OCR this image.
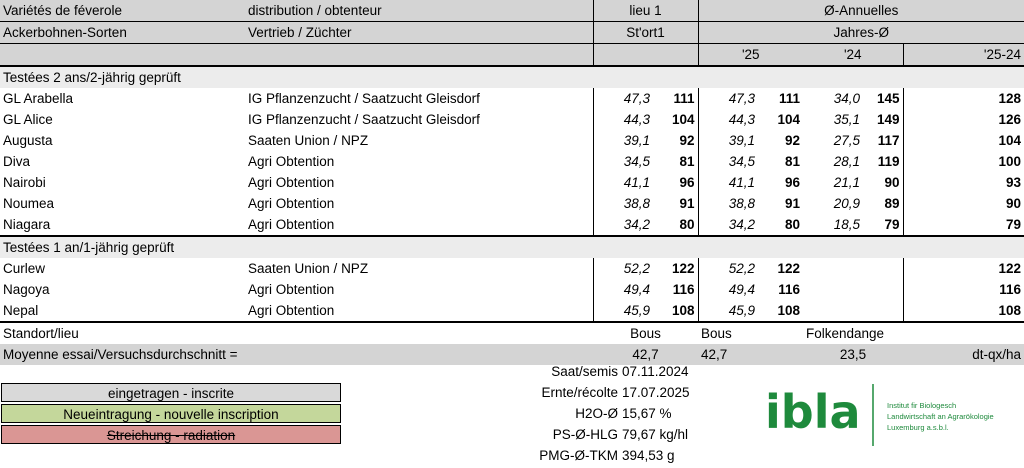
Variétés de féverole	distribution / obtenteur	lieu 1		Ø-Annuelles				
Ackerbohnen-Sorten	Vertrieb / Züchter	St'ort1		Jahres-Ø				
				'25		'24		'25-24
Testées 2 ans/2-jährig geprüft								
GL Arabella	IG Pflanzenzucht / Saatzucht Gleisdorf	47,3	111	47,3	111	34,0	145	128
GL Alice	IG Pflanzenzucht / Saatzucht Gleisdorf	44,3	104	44,3	104	35,1	149	126
Augusta	Saaten Union / NPZ	39,1	92	39,1	92	27,5	117	104
Diva	Agri Obtention	34,5	81	34,5	81	28,1	119	100
Nairobi	Agri Obtention	41,1	96	41,1	96	21,1	90	93
Noumea	Agri Obtention	38,8	91	38,8	91	20,9	89	90
Niagara	Agri Obtention	34,2	80	34,2	80	18,5	79	79
Testées 1 an/1-jährig geprüft								
Curlew	Saaten Union / NPZ	52,2	122	52,2	122			122
Nagoya	Agri Obtention	49,4	116	49,4	116			116
Nepal	Agri Obtention	45,9	108	45,9	108			108
Standort/lieu		Bous		Bous		Folkendange		
Moyenne essai/Versuchsdurchschnitt =		42,7		42,7		23,5		dt-qx/ha
eingetragen - inscrite
Neueintragung - nouvelle inscription
Streichung - radiation
Saat/semis 07.11.2024
Ernte/récolte 17.07.2025
H2O-Ø 15,67 %
PS-Ø-HLG 79,67 kg/hl
PMG-Ø-TKM 394,53 g
ibla	Institut fir Biologesch
Landwirtschaft an Agrarökologie
Luxemburg a.s.b.l.
